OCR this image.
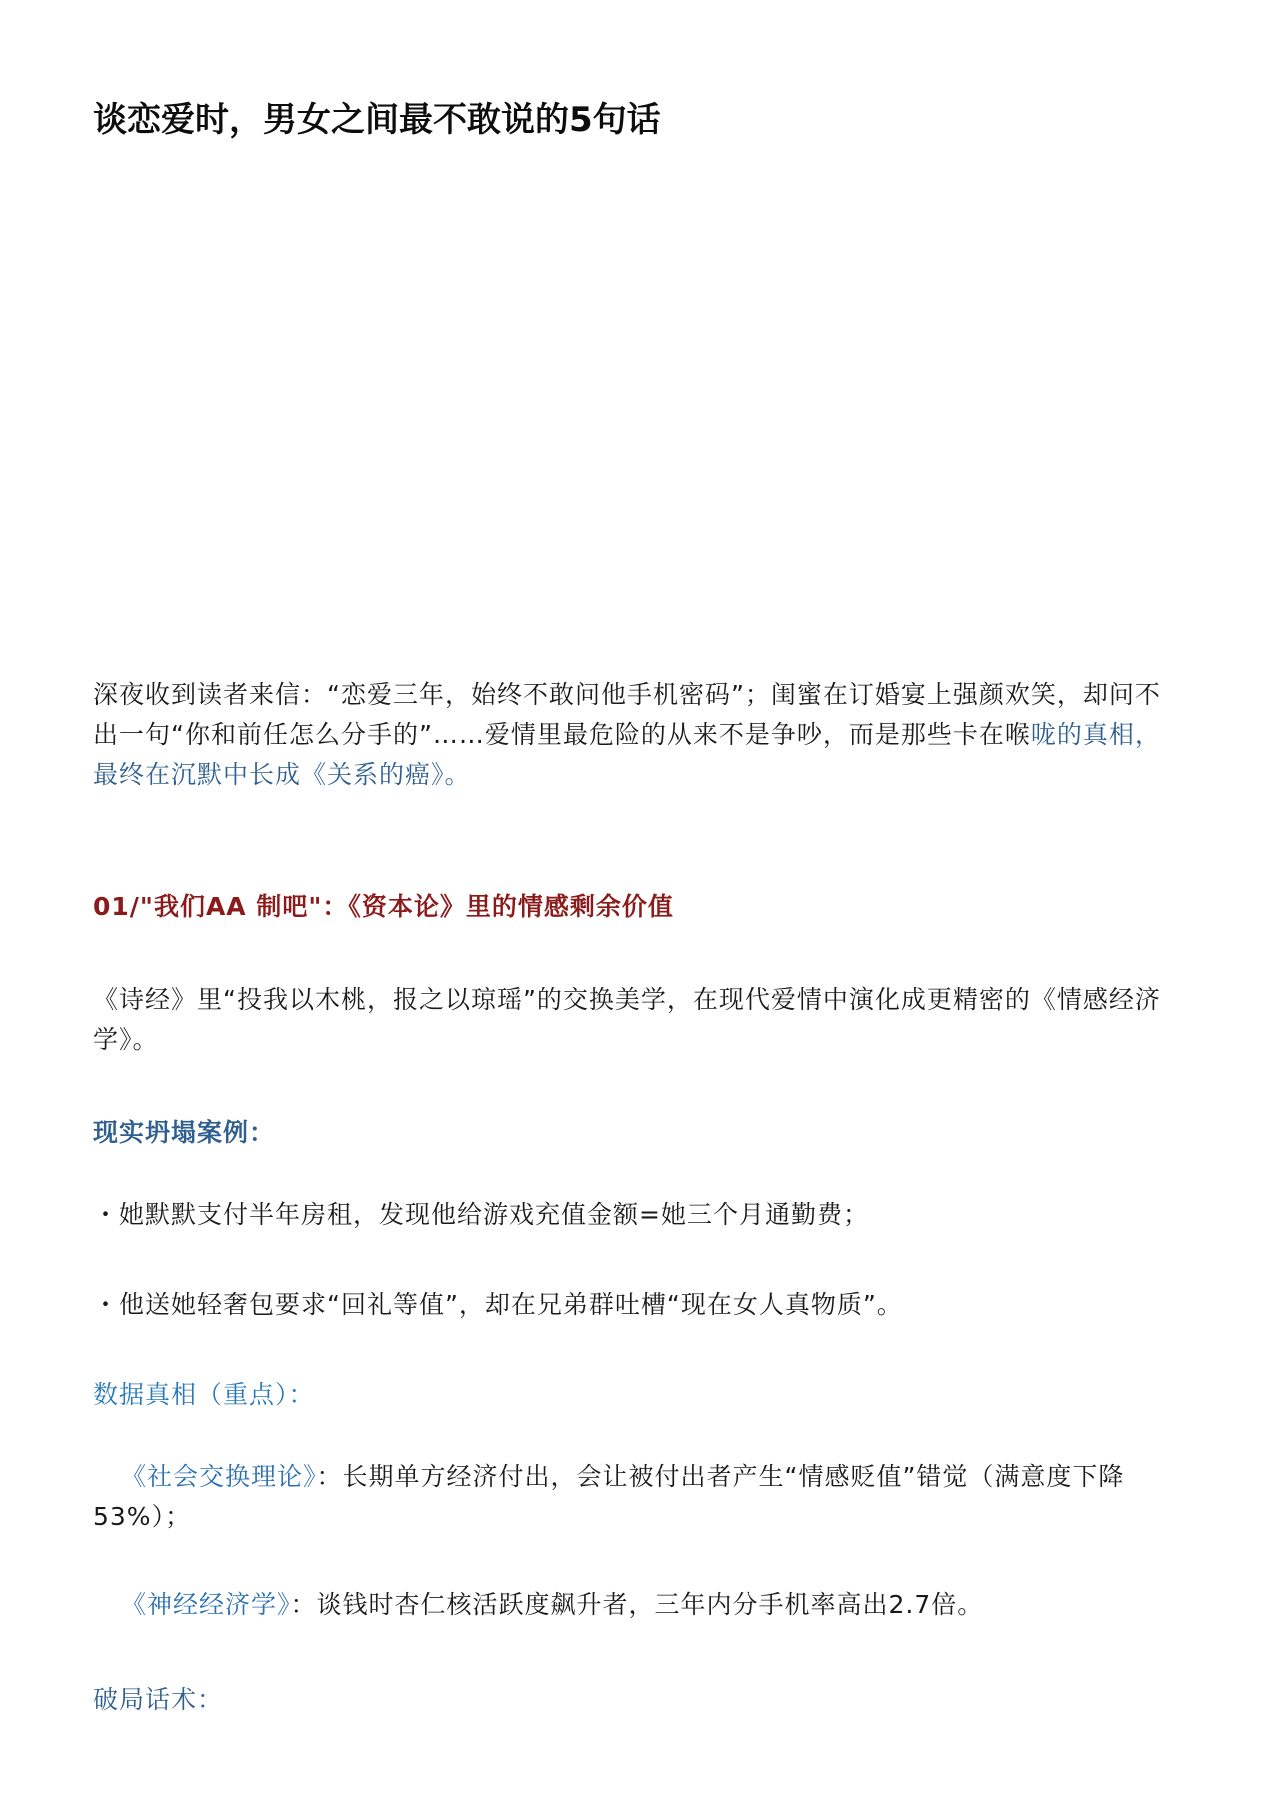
谈恋爱时，男女之间最不敢说的5句话
深夜收到读者来信：“恋爱三年，始终不敢问他手机密码”；闺蜜在订婚宴上强颜欢笑，却问不出一句“你和前任怎么分手的”……爱情里最危险的从来不是争吵，而是那些卡在喉咙的真相，最终在沉默中长成《关系的癌》。
01/"我们AA 制吧"：《资本论》里的情感剩余价值
《诗经》里“投我以木桃，报之以琼瑶”的交换美学，在现代爱情中演化成更精密的《情感经济学》。
现实坍塌案例：
・她默默支付半年房租，发现他给游戏充值金额=她三个月通勤费；
・他送她轻奢包要求“回礼等值”，却在兄弟群吐槽“现在女人真物质”。
数据真相（重点）：
《社会交换理论》：长期单方经济付出，会让被付出者产生“情感贬值”错觉（满意度下降53%）；
《神经经济学》：谈钱时杏仁核活跃度飙升者，三年内分手机率高出2.7倍。
破局话术：
